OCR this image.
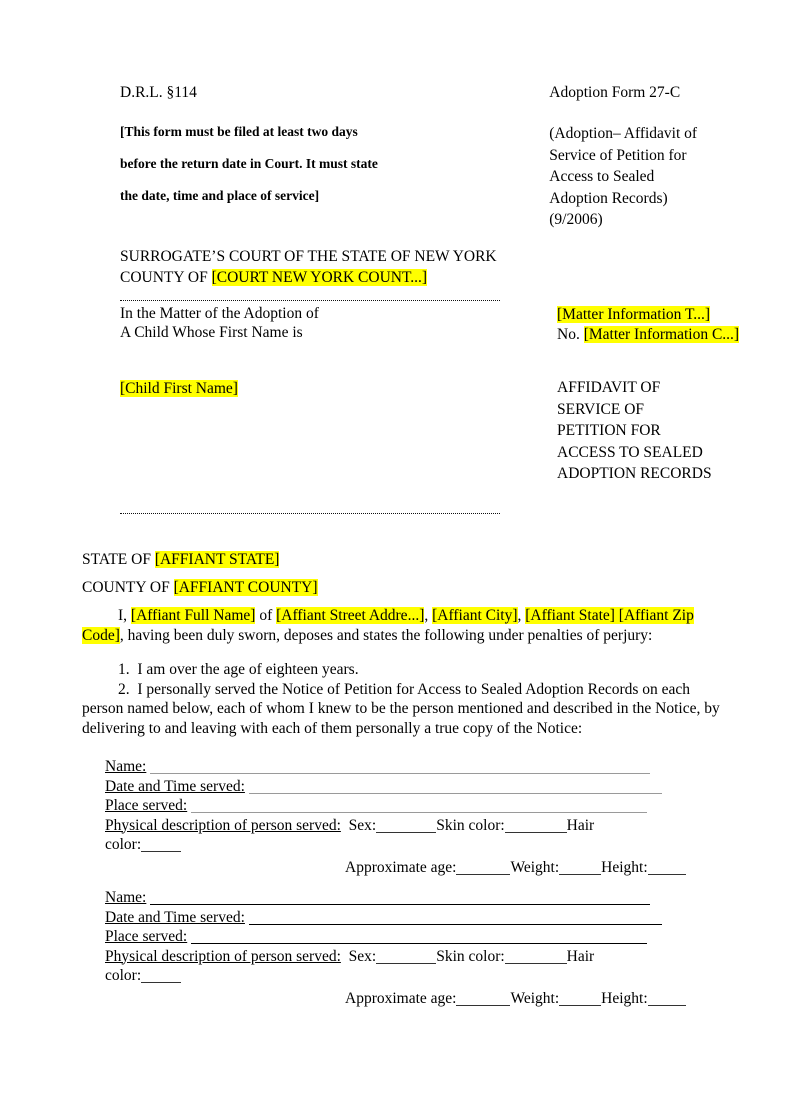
D.R.L. §114
[This form must be filed at least two days
before the return date in Court. It must state
the date, time and place of service]
Adoption Form 27-C
(Adoption– Affidavit of
Service of Petition for
Access to Sealed
Adoption Records)
(9/2006)
SURROGATE’S COURT OF THE STATE OF NEW YORK
COUNTY OF [COURT NEW YORK COUNT...]
In the Matter of the Adoption of
A Child Whose First Name is
[Child First Name]
[Matter Information T...]
No. [Matter Information C...]
AFFIDAVIT OF
SERVICE OF
PETITION FOR
ACCESS TO SEALED
ADOPTION RECORDS
STATE OF [AFFIANT STATE]
COUNTY OF [AFFIANT COUNTY]
I, [Affiant Full Name] of [Affiant Street Addre...], [Affiant City], [Affiant State] [Affiant Zip Code], having been duly sworn, deposes and states the following under penalties of perjury:
1. I am over the age of eighteen years.
2. I personally served the Notice of Petition for Access to Sealed Adoption Records on each person named below, each of whom I knew to be the person mentioned and described in the Notice, by delivering to and leaving with each of them personally a true copy of the Notice:
Name:
Date and Time served:
Place served:
Physical description of person served: Sex:	Skin color:	Hair
color:
Approximate age:	Weight:	Height:
Name:
Date and Time served:
Place served:
Physical description of person served: Sex:	Skin color:	Hair
color:
Approximate age:	Weight:	Height:
